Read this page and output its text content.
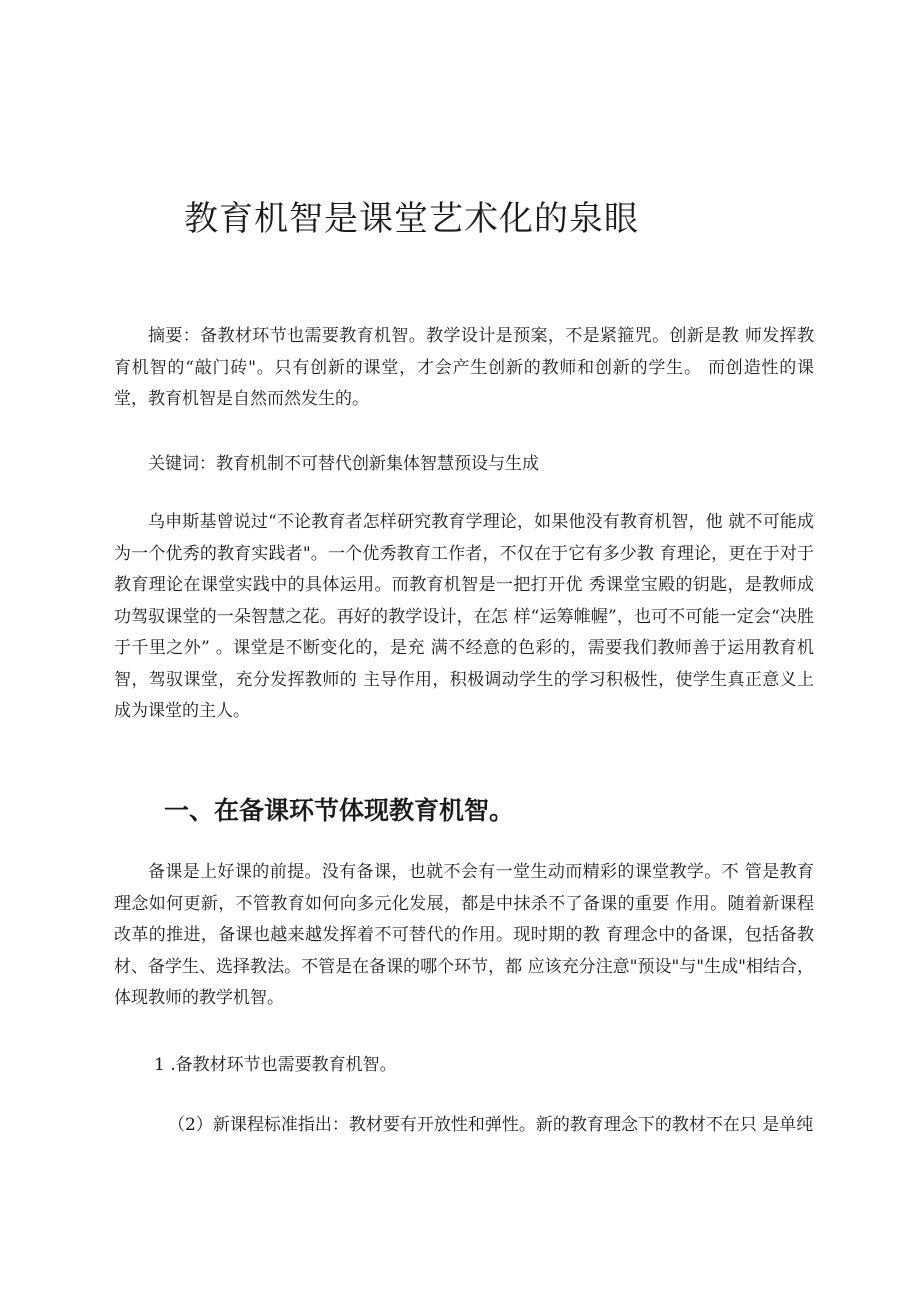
教育机智是课堂艺术化的泉眼

摘要：备教材环节也需要教育机智。教学设计是预案，不是紧箍咒。创新是教 师发挥教育机智的“敲门砖"。只有创新的课堂，才会产生创新的教师和创新的学生。 而创造性的课堂，教育机智是自然而然发生的。

关键词：教育机制不可替代创新集体智慧预设与生成

乌申斯基曾说过“不论教育者怎样研究教育学理论，如果他没有教育机智，他 就不可能成为一个优秀的教育实践者"。一个优秀教育工作者，不仅在于它有多少教 育理论，更在于对于教育理论在课堂实践中的具体运用。而教育机智是一把打开优 秀课堂宝殿的钥匙，是教师成功驾驭课堂的一朵智慧之花。再好的教学设计，在怎 样“运筹帷幄”，也可不可能一定会“决胜于千里之外” 。课堂是不断变化的，是充 满不经意的色彩的，需要我们教师善于运用教育机智，驾驭课堂，充分发挥教师的 主导作用，积极调动学生的学习积极性，使学生真正意义上成为课堂的主人。

一、在备课环节体现教育机智。

备课是上好课的前提。没有备课，也就不会有一堂生动而精彩的课堂教学。不 管是教育理念如何更新，不管教育如何向多元化发展，都是中抹杀不了备课的重要 作用。随着新课程改革的推进，备课也越来越发挥着不可替代的作用。现时期的教 育理念中的备课，包括备教材、备学生、选择教法。不管是在备课的哪个环节，都 应该充分注意"预设"与"生成"相结合，体现教师的教学机智。

1 .备教材环节也需要教育机智。
（2）新课程标准指出：教材要有开放性和弹性。新的教育理念下的教材不在只 是单纯
